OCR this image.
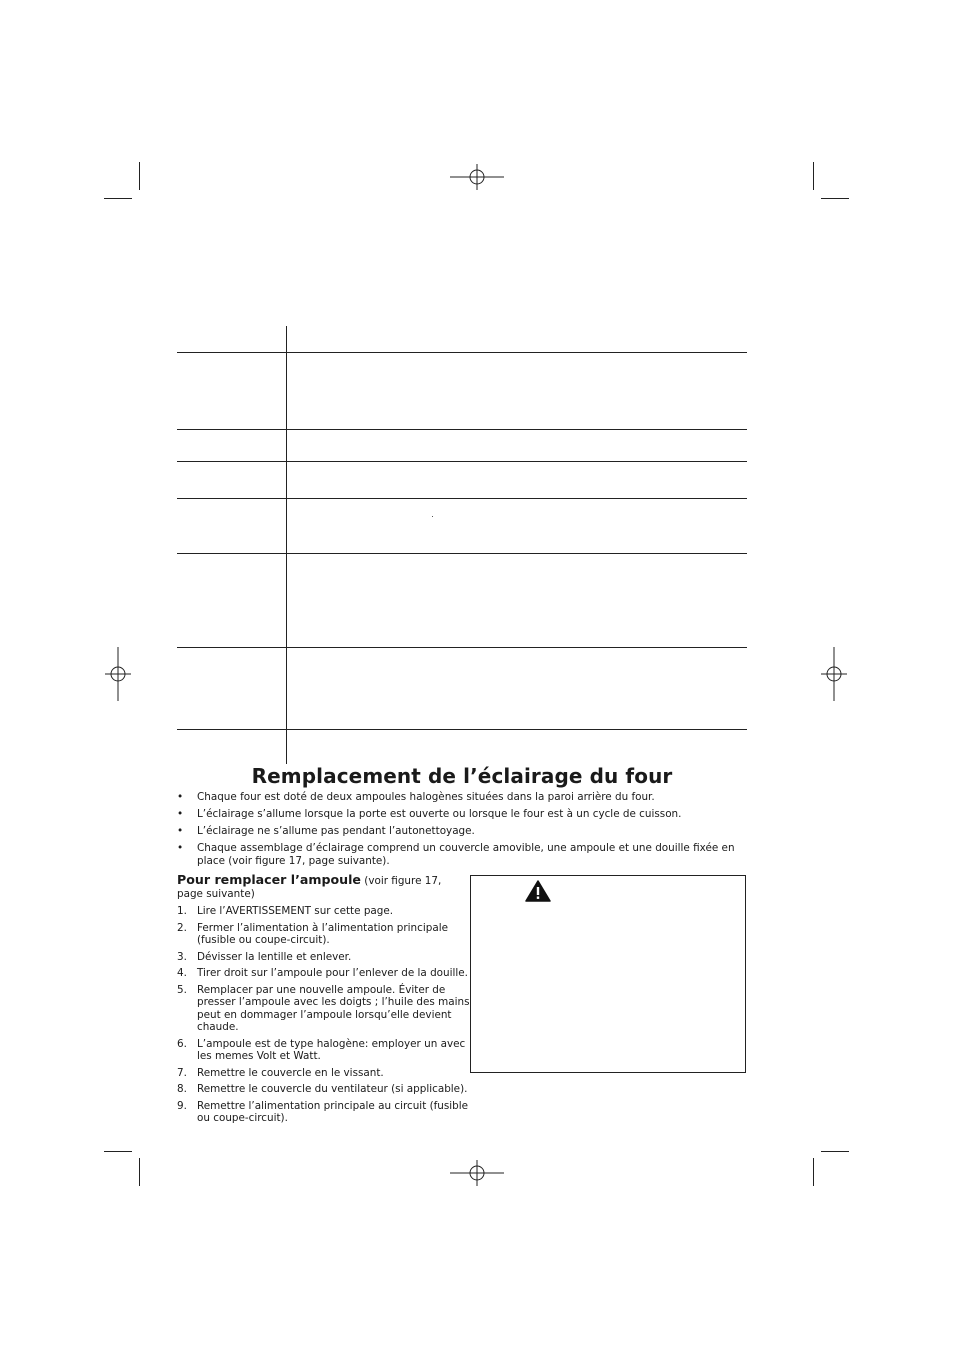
Remplacement de l’éclairage du four
• Chaque four est doté de deux ampoules halogènes situées dans la paroi arrière du four.
• L’éclairage s’allume lorsque la porte est ouverte ou lorsque le four est à un cycle de cuisson.
• L’éclairage ne s’allume pas pendant l’autonettoyage.
• Chaque assemblage d’éclairage comprend un couvercle amovible, une ampoule et une douille fixée en place (voir figure 17, page suivante).
Pour remplacer l’ampoule (voir figure 17, page suivante)
1. Lire l’AVERTISSEMENT sur cette page.
2. Fermer l’alimentation à l’alimentation principale (fusible ou coupe-circuit).
3. Dévisser la lentille et enlever.
4. Tirer droit sur l’ampoule pour l’enlever de la douille.
5. Remplacer par une nouvelle ampoule. Éviter de presser l’ampoule avec les doigts ; l’huile des mains peut en dommager l’ampoule lorsqu’elle devient chaude.
6. L’ampoule est de type halogène: employer un avec les memes Volt et Watt.
7. Remettre le couvercle en le vissant.
8. Remettre le couvercle du ventilateur (si applicable).
9. Remettre l’alimentation principale au circuit (fusible ou coupe-circuit).
